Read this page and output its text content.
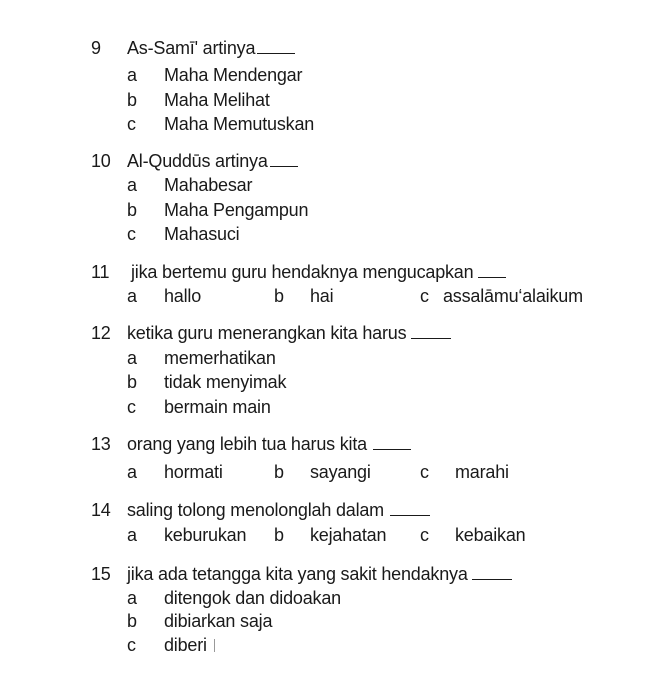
9 As-Samī' artinya
a Maha Mendengar
b Maha Melihat
c Maha Memutuskan
10 Al-Quddūs artinya
a Mahabesar
b Maha Pengampun
c Mahasuci
11 jika bertemu guru hendaknya mengucapkan
a hallo	b hai	c assalāmu‘alaikum
12 ketika guru menerangkan kita harus
a memerhatikan
b tidak menyimak
c bermain main
13 orang yang lebih tua harus kita
a hormati	b sayangi	c marahi
14 saling tolong menolonglah dalam
a keburukan b kejahatan c kebaikan
15 jika ada tetangga kita yang sakit hendaknya
a ditengok dan didoakan
b dibiarkan saja
c diberi
